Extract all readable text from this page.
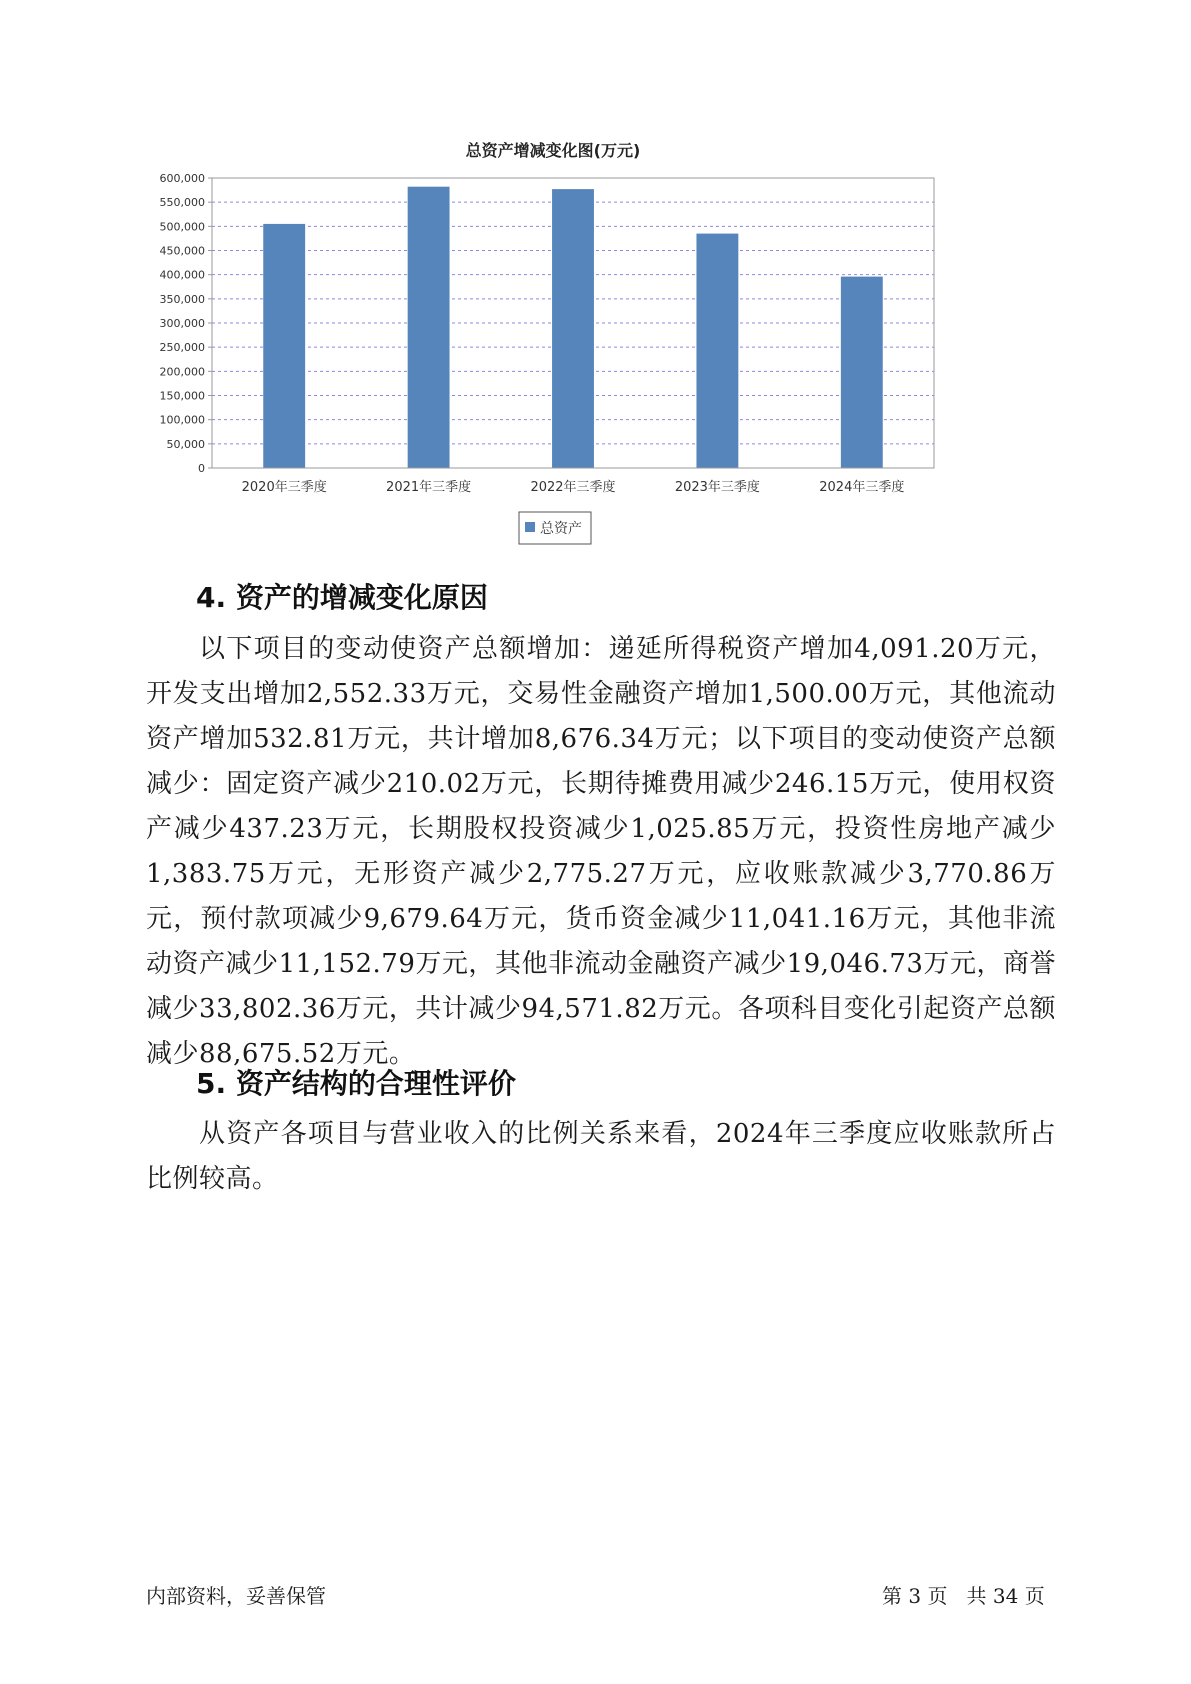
总资产增减变化图(万元)
0
50,000
100,000
150,000
200,000
250,000
300,000
350,000
400,000
450,000
500,000
550,000
600,000
2020年三季度	2021年三季度	2022年三季度	2023年三季度	2024年三季度
总资产
4. 资产的增减变化原因

以下项目的变动使资产总额增加：递延所得税资产增加4,091.20万元，开发支出增加2,552.33万元，交易性金融资产增加1,500.00万元，其他流动资产增加532.81万元，共计增加8,676.34万元；以下项目的变动使资产总额减少：固定资产减少210.02万元，长期待摊费用减少246.15万元，使用权资产减少437.23万元，长期股权投资减少1,025.85万元，投资性房地产减少1,383.75万元，无形资产减少2,775.27万元，应收账款减少3,770.86万元，预付款项减少9,679.64万元，货币资金减少11,041.16万元，其他非流动资产减少11,152.79万元，其他非流动金融资产减少19,046.73万元，商誉减少33,802.36万元，共计减少94,571.82万元。各项科目变化引起资产总额减少88,675.52万元。

5. 资产结构的合理性评价

从资产各项目与营业收入的比例关系来看，2024年三季度应收账款所占比例较高。

内部资料，妥善保管	第 3 页 共 34 页
